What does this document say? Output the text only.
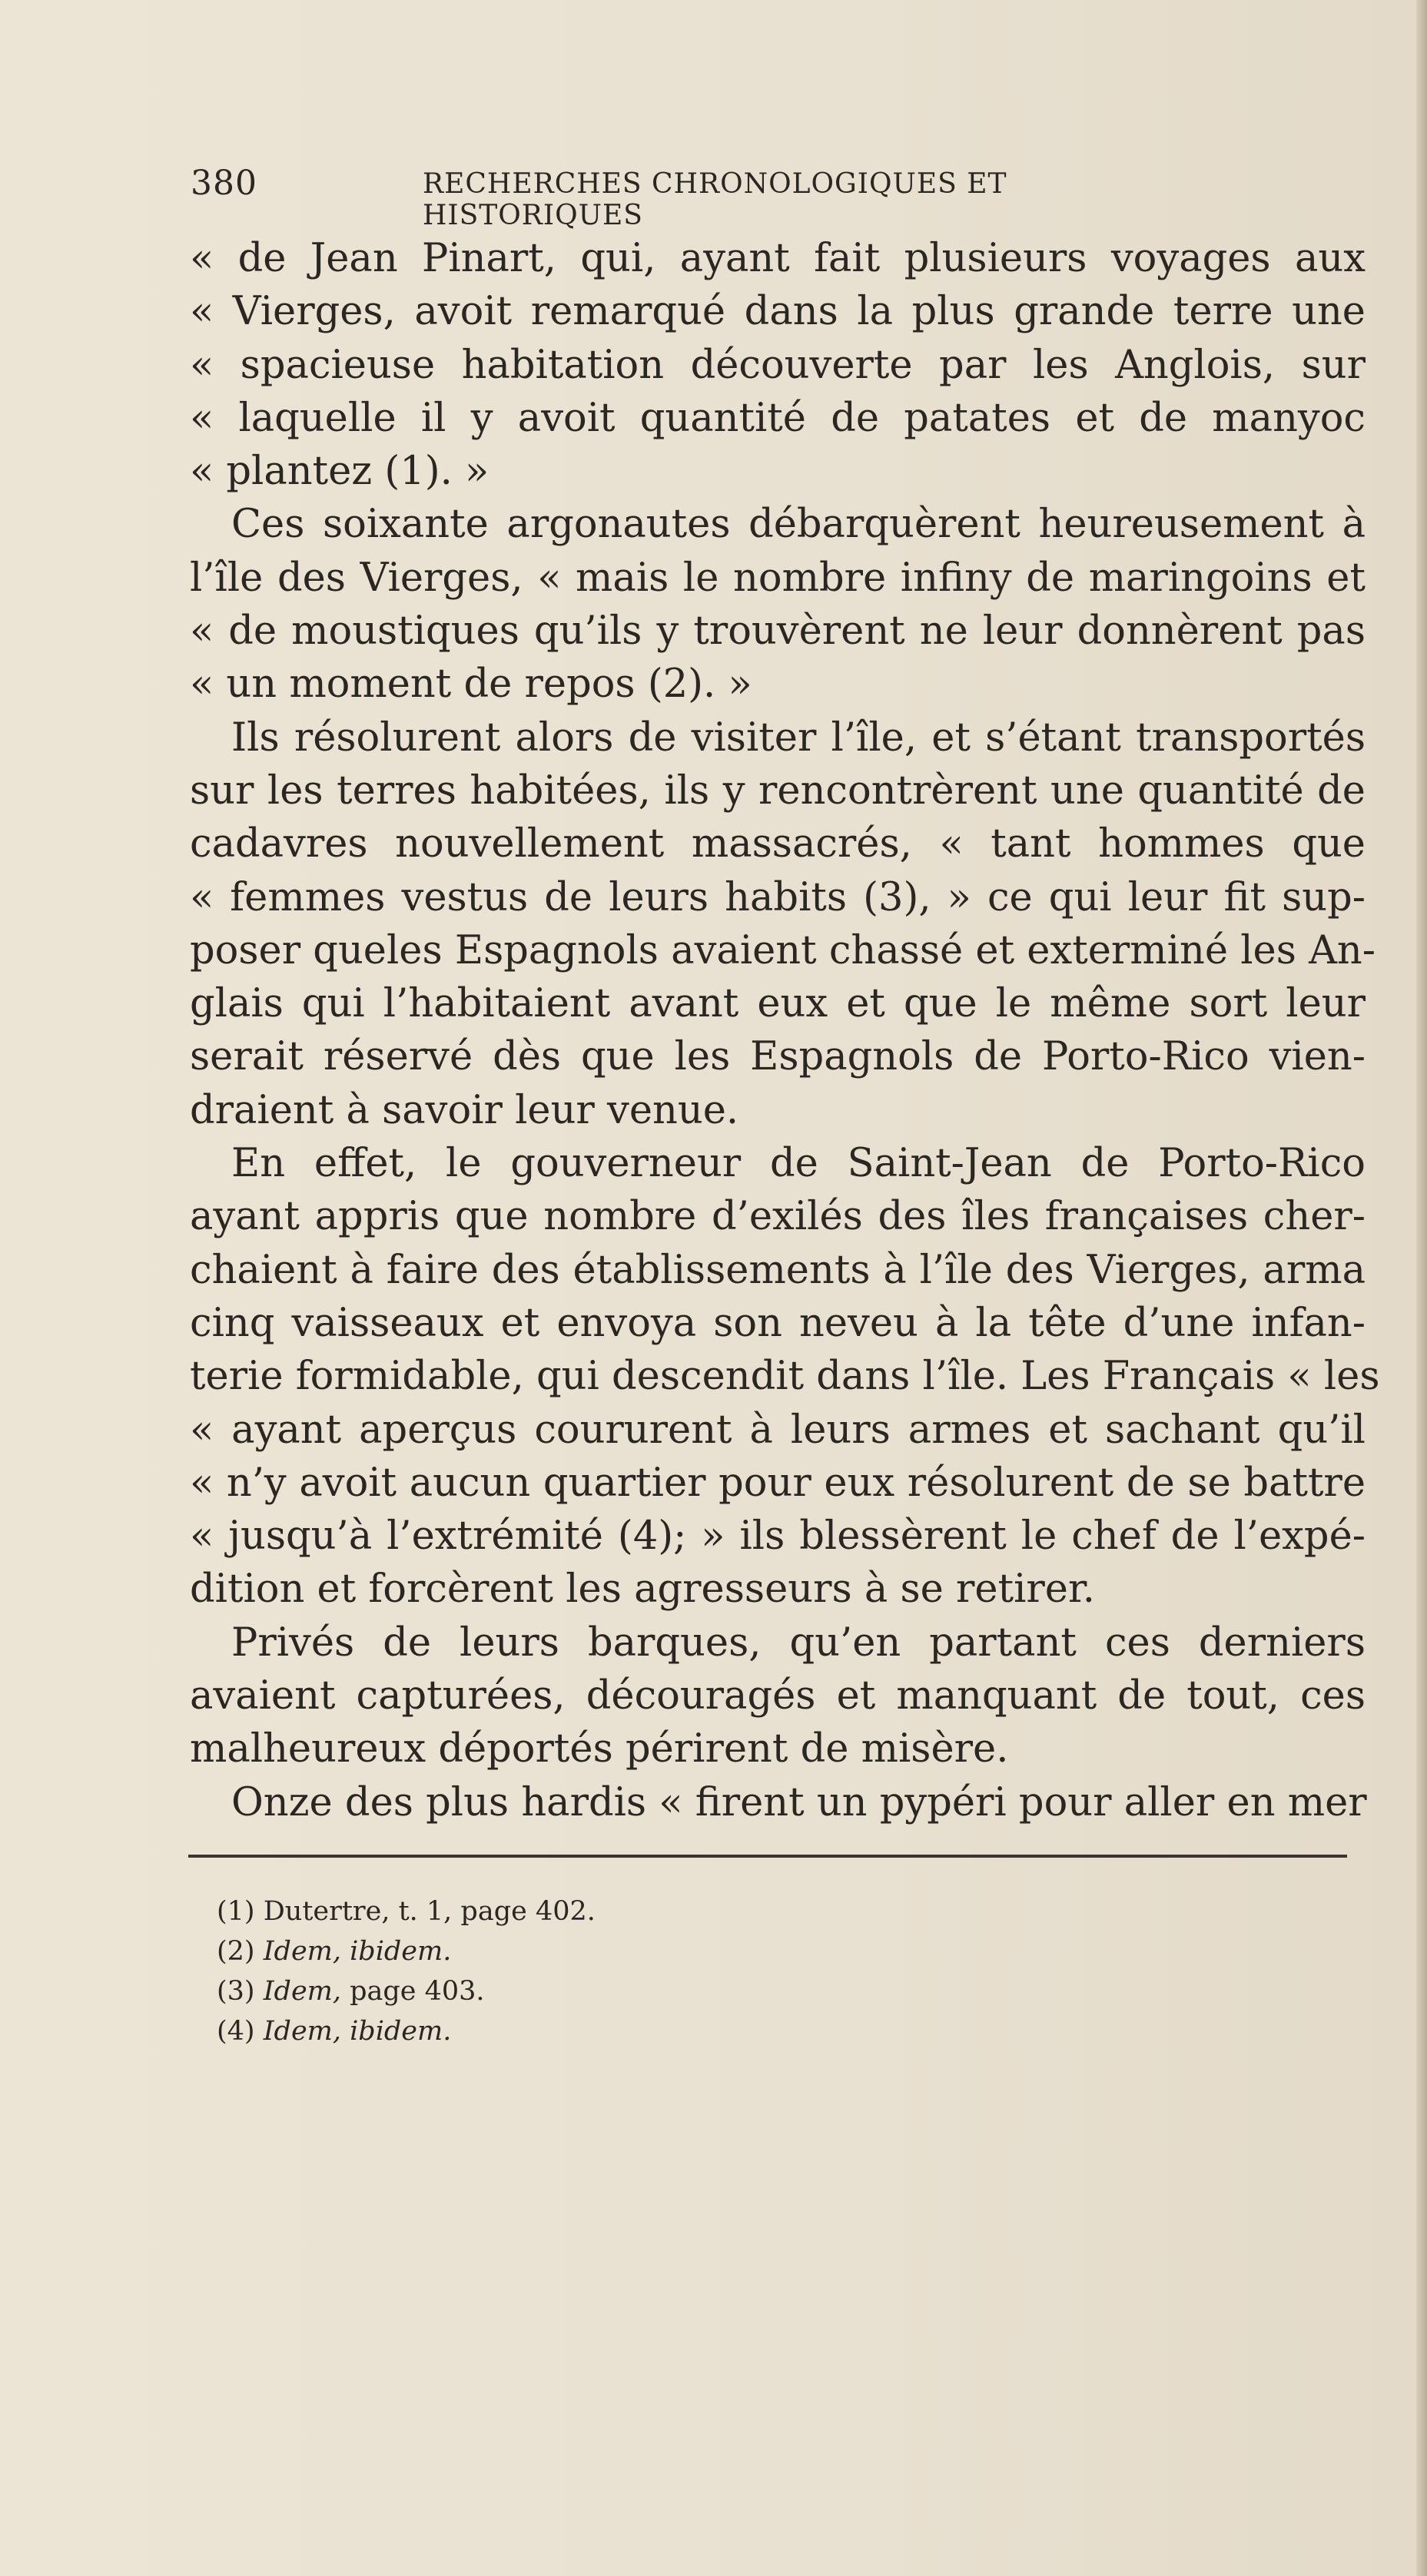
380	RECHERCHES CHRONOLOGIQUES ET HISTORIQUES
« de Jean Pinart, qui, ayant fait plusieurs voyages aux
« Vierges, avoit remarqué dans la plus grande terre une
« spacieuse habitation découverte par les Anglois, sur
« laquelle il y avoit quantité de patates et de manyoc
« plantez (1). »
Ces soixante argonautes débarquèrent heureusement à
l’île des Vierges, « mais le nombre infiny de maringoins et
« de moustiques qu’ils y trouvèrent ne leur donnèrent pas
« un moment de repos (2). »
Ils résolurent alors de visiter l’île, et s’étant transportés
sur les terres habitées, ils y rencontrèrent une quantité de
cadavres nouvellement massacrés, « tant hommes que
« femmes vestus de leurs habits (3), » ce qui leur fit sup-
poser queles Espagnols avaient chassé et exterminé les An-
glais qui l’habitaient avant eux et que le même sort leur
serait réservé dès que les Espagnols de Porto-Rico vien-
draient à savoir leur venue.
En effet, le gouverneur de Saint-Jean de Porto-Rico
ayant appris que nombre d’exilés des îles françaises cher-
chaient à faire des établissements à l’île des Vierges, arma
cinq vaisseaux et envoya son neveu à la tête d’une infan-
terie formidable, qui descendit dans l’île. Les Français « les
« ayant aperçus coururent à leurs armes et sachant qu’il
« n’y avoit aucun quartier pour eux résolurent de se battre
« jusqu’à l’extrémité (4); » ils blessèrent le chef de l’expé-
dition et forcèrent les agresseurs à se retirer.
Privés de leurs barques, qu’en partant ces derniers
avaient capturées, découragés et manquant de tout, ces
malheureux déportés périrent de misère.
Onze des plus hardis « firent un pypéri pour aller en mer
(1) Dutertre, t. 1, page 402.
(2) Idem, ibidem.
(3) Idem, page 403.
(4) Idem, ibidem.
